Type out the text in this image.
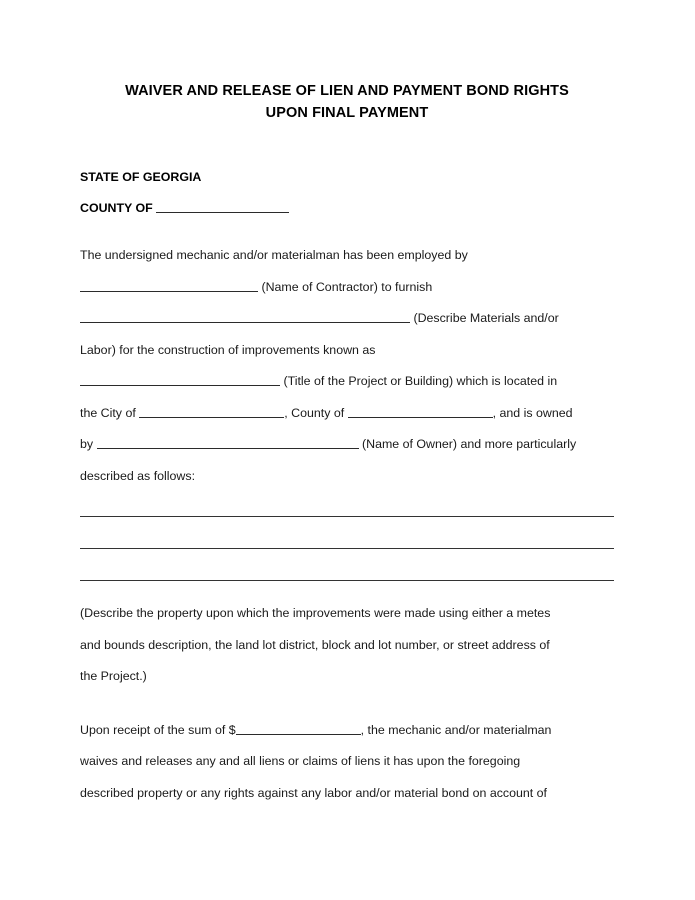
WAIVER AND RELEASE OF LIEN AND PAYMENT BOND RIGHTS
UPON FINAL PAYMENT
STATE OF GEORGIA
COUNTY OF
The undersigned mechanic and/or materialman has been employed by
(Name of Contractor) to furnish
(Describe Materials and/or
Labor) for the construction of improvements known as
(Title of the Project or Building) which is located in
the City of	, County of	, and is owned
by	(Name of Owner) and more particularly
described as follows:
(Describe the property upon which the improvements were made using either a metes
and bounds description, the land lot district, block and lot number, or street address of
the Project.)
Upon receipt of the sum of $	, the mechanic and/or materialman
waives and releases any and all liens or claims of liens it has upon the foregoing
described property or any rights against any labor and/or material bond on account of
